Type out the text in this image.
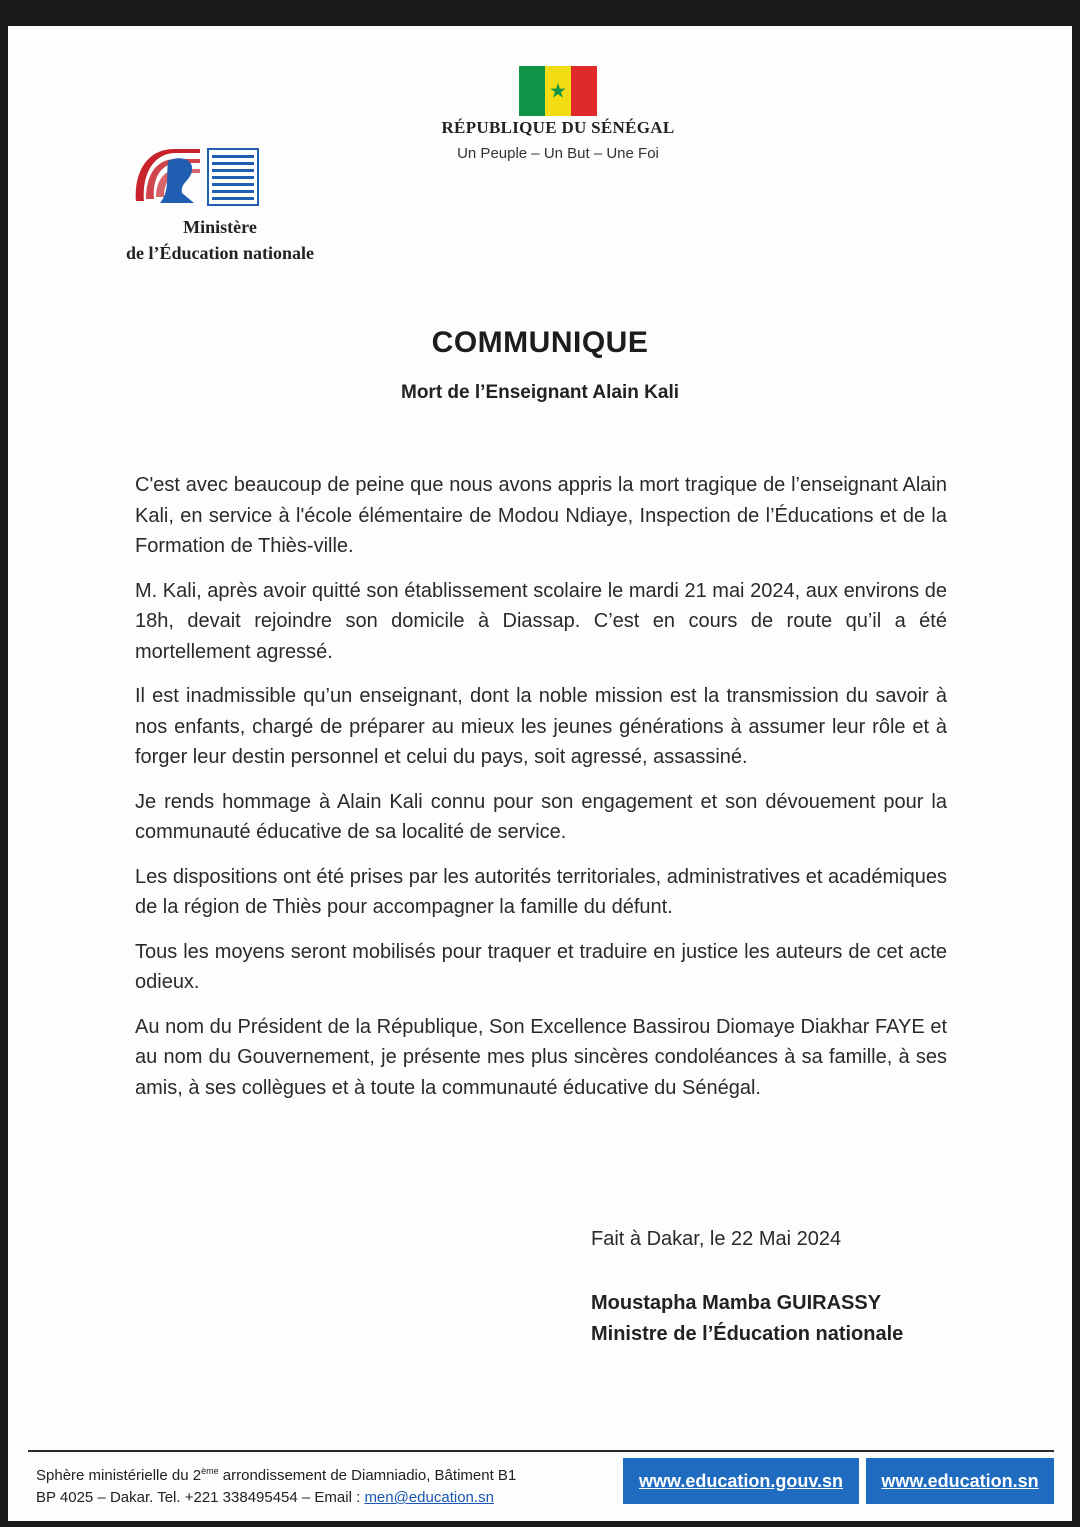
★
RÉPUBLIQUE DU SÉNÉGAL
Un Peuple – Un But – Une Foi
Ministère
de l’Éducation nationale
COMMUNIQUE
Mort de l’Enseignant Alain Kali

C'est avec beaucoup de peine que nous avons appris la mort tragique de l’enseignant Alain Kali, en service à l'école élémentaire de Modou Ndiaye, Inspection de l’Éducations et de la Formation de Thiès-ville.

M. Kali, après avoir quitté son établissement scolaire le mardi 21 mai 2024, aux environs de 18h, devait rejoindre son domicile à Diassap. C’est en cours de route qu’il a été mortellement agressé.

Il est inadmissible qu’un enseignant, dont la noble mission est la transmission du savoir à nos enfants, chargé de préparer au mieux les jeunes générations à assumer leur rôle et à forger leur destin personnel et celui du pays, soit agressé, assassiné.

Je rends hommage à Alain Kali connu pour son engagement et son dévouement pour la communauté éducative de sa localité de service.

Les dispositions ont été prises par les autorités territoriales, administratives et académiques de la région de Thiès pour accompagner la famille du défunt.

Tous les moyens seront mobilisés pour traquer et traduire en justice les auteurs de cet acte odieux.

Au nom du Président de la République, Son Excellence Bassirou Diomaye Diakhar FAYE et au nom du Gouvernement, je présente mes plus sincères condoléances à sa famille, à ses amis, à ses collègues et à toute la communauté éducative du Sénégal.

Fait à Dakar, le 22 Mai 2024
Moustapha Mamba GUIRASSY
Ministre de l’Éducation nationale
Sphère ministérielle du 2ème arrondissement de Diamniadio, Bâtiment B1
BP 4025 – Dakar. Tel. +221 338495454 – Email : men@education.sn
www.education.gouv.sn	www.education.sn
